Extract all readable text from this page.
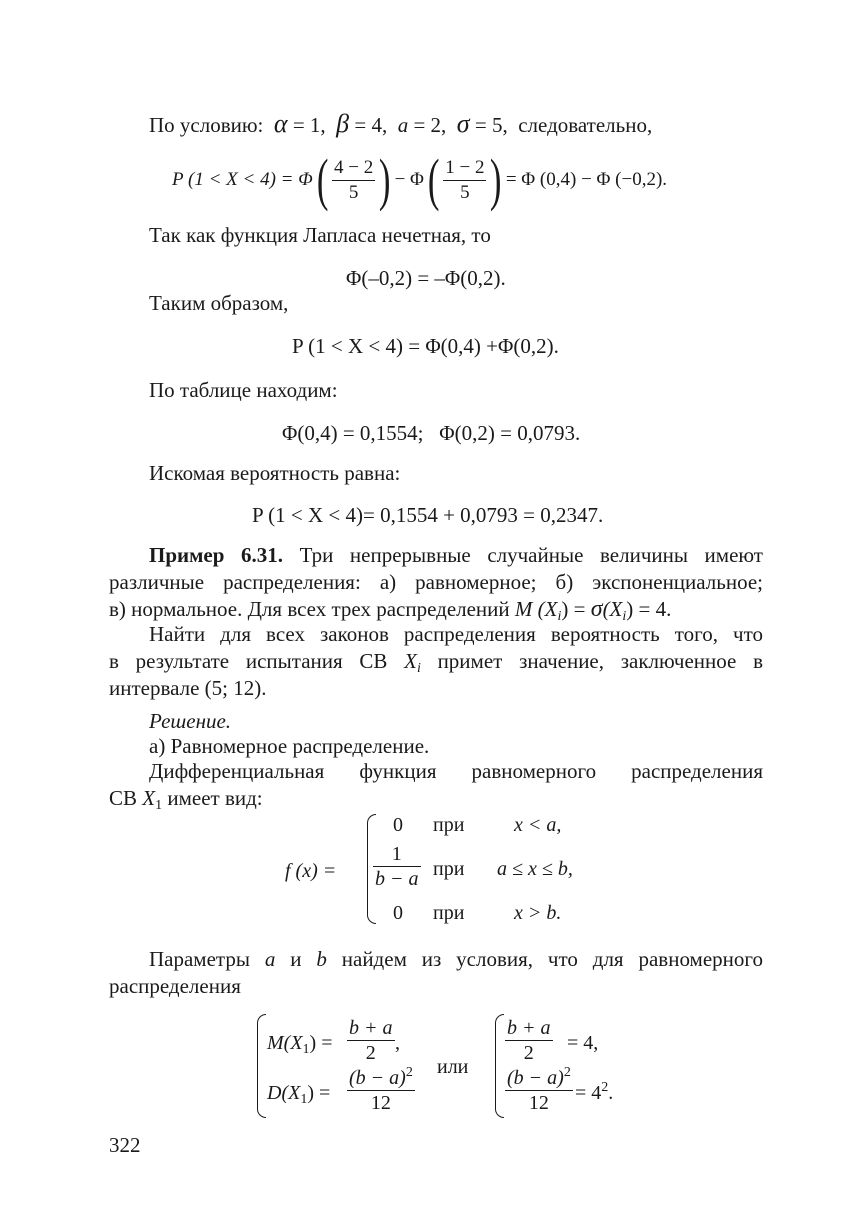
По условию: α = 1, β = 4, a = 2, σ = 5, следовательно,
P (1 < X < 4) = Φ ( $\frac{4 - 2}{5}$ ) − Φ ( $\frac{1 - 2}{5}$ ) = Φ (0,4) − Φ (−0,2).
Так как функция Лапласа нечетная, то
Φ(–0,2) = –Φ(0,2).
Таким образом,
P (1 < X < 4) = Φ(0,4) +Φ(0,2).
По таблице находим:
Φ(0,4) = 0,1554;   Φ(0,2) = 0,0793.
Искомая вероятность равна:
P (1 < X < 4)= 0,1554 + 0,0793 = 0,2347.
Пример 6.31. Три непрерывные случайные величины имеют
различные распределения: а) равномерное; б) экспоненциальное;
в) нормальное. Для всех трех распределений M $(X_i) = \sigma(X_i) = 4$.
Найти для всех законов распределения вероятность того, что
в результате испытания СВ $X_i$ примет значение, заключенное в
интервале (5; 12).
Решение.
а) Равномерное распределение.
Дифференциальная функция равномерного распределения
СВ $X_1$ имеет вид:
f (x) =
0 при x < a,
$\frac{1}{b - a}$ при a ≤ x ≤ b,
0 при x > b.
Параметры a и b найдем из условия, что для равномерного
распределения
$M(X_1) = \frac{b + a}{2}$ ,
$D(X_1) = \frac{(b - a)^2}{12}$ или
$\frac{b + a}{2} = 4$,
$\frac{(b - a)^2}{12} = 4^2$.
322
